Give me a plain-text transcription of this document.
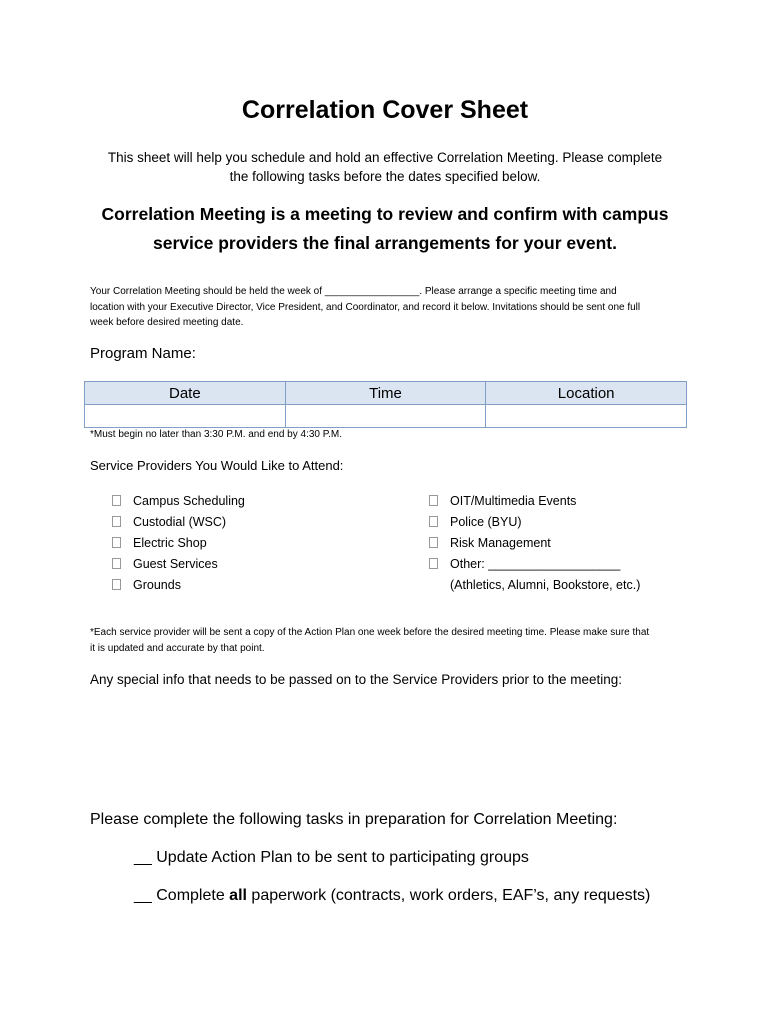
Correlation Cover Sheet
This sheet will help you schedule and hold an effective Correlation Meeting. Please complete
the following tasks before the dates specified below.
Correlation Meeting is a meeting to review and confirm with campus
service providers the final arrangements for your event.
Your Correlation Meeting should be held the week of _________________. Please arrange a specific meeting time and
location with your Executive Director, Vice President, and Coordinator, and record it below. Invitations should be sent one full
week before desired meeting date.
Program Name:
Date	Time	Location

*Must begin no later than 3:30 P.M. and end by 4:30 P.M.
Service Providers You Would Like to Attend:
Campus Scheduling
Custodial (WSC)
Electric Shop
Guest Services
Grounds
OIT/Multimedia Events
Police (BYU)
Risk Management
Other: ___________________
(Athletics, Alumni, Bookstore, etc.)
*Each service provider will be sent a copy of the Action Plan one week before the desired meeting time. Please make sure that
it is updated and accurate by that point.
Any special info that needs to be passed on to the Service Providers prior to the meeting:
Please complete the following tasks in preparation for Correlation Meeting:
__ Update Action Plan to be sent to participating groups
__ Complete all paperwork (contracts, work orders, EAF’s, any requests)
